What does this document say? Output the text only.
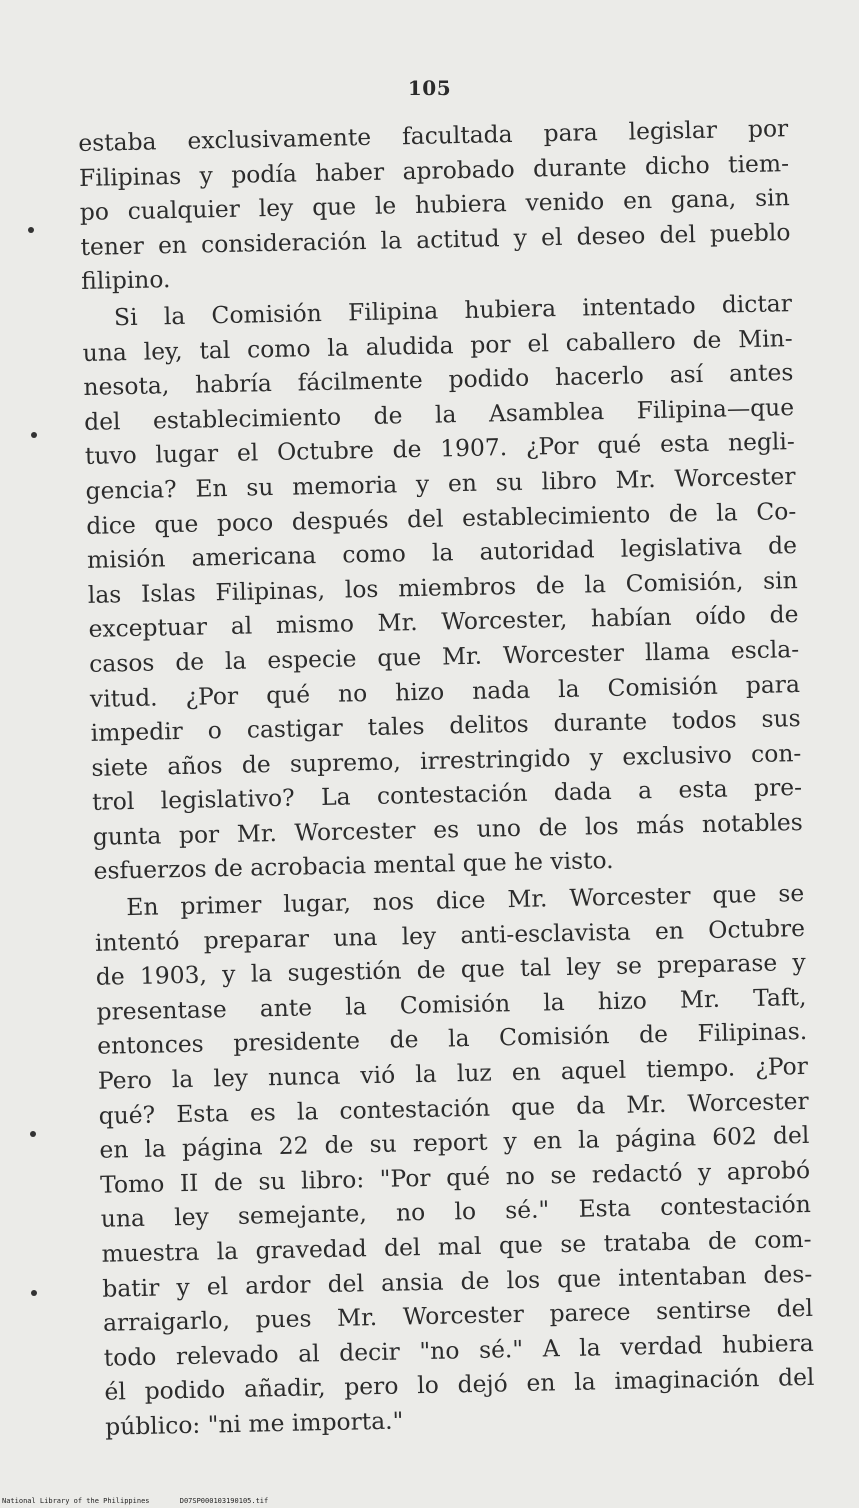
105
estaba exclusivamente facultada para legislar por
Filipinas y podía haber aprobado durante dicho tiem-
po cualquier ley que le hubiera venido en gana, sin
tener en consideración la actitud y el deseo del pueblo
filipino.
Si la Comisión Filipina hubiera intentado dictar
una ley, tal como la aludida por el caballero de Min-
nesota, habría fácilmente podido hacerlo así antes
del establecimiento de la Asamblea Filipina—que
tuvo lugar el Octubre de 1907. ¿Por qué esta negli-
gencia? En su memoria y en su libro Mr. Worcester
dice que poco después del establecimiento de la Co-
misión americana como la autoridad legislativa de
las Islas Filipinas, los miembros de la Comisión, sin
exceptuar al mismo Mr. Worcester, habían oído de
casos de la especie que Mr. Worcester llama escla-
vitud. ¿Por qué no hizo nada la Comisión para
impedir o castigar tales delitos durante todos sus
siete años de supremo, irrestringido y exclusivo con-
trol legislativo? La contestación dada a esta pre-
gunta por Mr. Worcester es uno de los más notables
esfuerzos de acrobacia mental que he visto.
En primer lugar, nos dice Mr. Worcester que se
intentó preparar una ley anti-esclavista en Octubre
de 1903, y la sugestión de que tal ley se preparase y
presentase ante la Comisión la hizo Mr. Taft,
entonces presidente de la Comisión de Filipinas.
Pero la ley nunca vió la luz en aquel tiempo. ¿Por
qué? Esta es la contestación que da Mr. Worcester
en la página 22 de su report y en la página 602 del
Tomo II de su libro: "Por qué no se redactó y aprobó
una ley semejante, no lo sé." Esta contestación
muestra la gravedad del mal que se trataba de com-
batir y el ardor del ansia de los que intentaban des-
arraigarlo, pues Mr. Worcester parece sentirse del
todo relevado al decir "no sé." A la verdad hubiera
él podido añadir, pero lo dejó en la imaginación del
público: "ni me importa."
National Library of the Philippines	D07SP000103190105.tif
